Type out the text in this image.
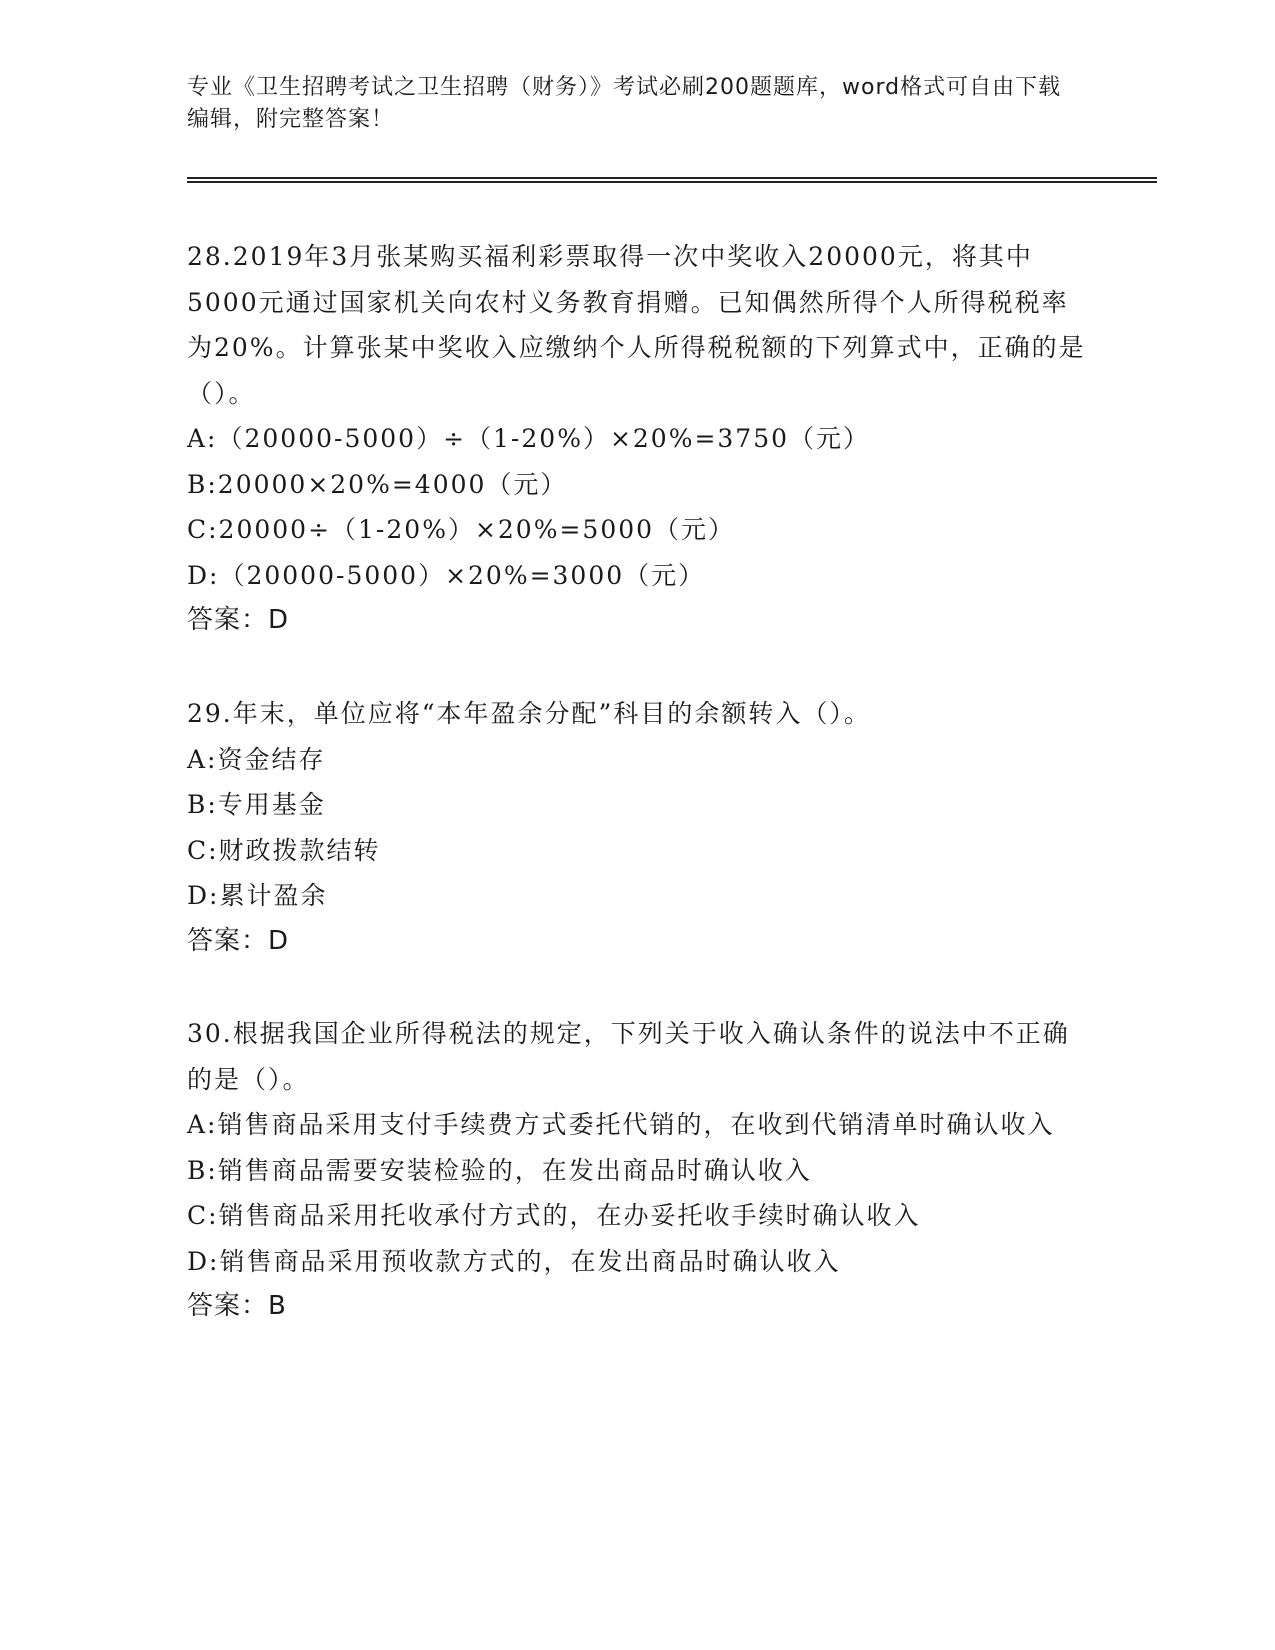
专业《卫生招聘考试之卫生招聘（财务）》考试必刷200题题库，word格式可自由下载编辑，附完整答案！

28.2019年3月张某购买福利彩票取得一次中奖收入20000元，将其中5000元通过国家机关向农村义务教育捐赠。已知偶然所得个人所得税税率为20%。计算张某中奖收入应缴纳个人所得税税额的下列算式中，正确的是（）。

A:（20000-5000）÷（1-20%）×20%=3750（元）

B:20000×20%=4000（元）

C:20000÷（1-20%）×20%=5000（元）

D:（20000-5000）×20%=3000（元）

答案：D

29.年末，单位应将“本年盈余分配”科目的余额转入（）。

A:资金结存

B:专用基金

C:财政拨款结转

D:累计盈余

答案：D

30.根据我国企业所得税法的规定，下列关于收入确认条件的说法中不正确的是（）。

A:销售商品采用支付手续费方式委托代销的，在收到代销清单时确认收入

B:销售商品需要安装检验的，在发出商品时确认收入

C:销售商品采用托收承付方式的，在办妥托收手续时确认收入

D:销售商品采用预收款方式的，在发出商品时确认收入

答案：B
